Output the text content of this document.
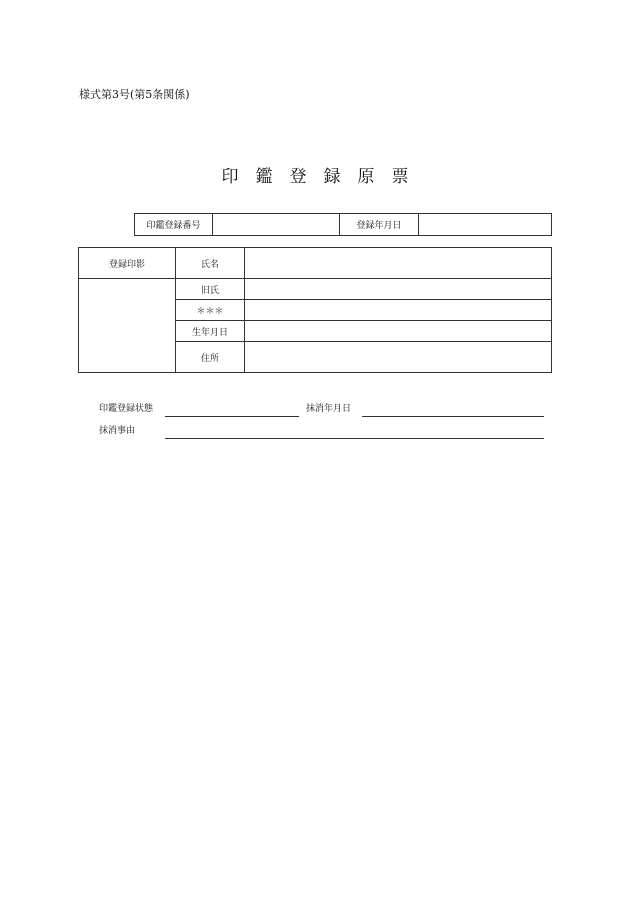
様式第3号(第5条関係)
印鑑登録原票
印鑑登録番号		登録年月日	
登録印影	氏名	
	旧氏	
	＊＊＊	
	生年月日	
	住所	
印鑑登録状態	抹消年月日
抹消事由
